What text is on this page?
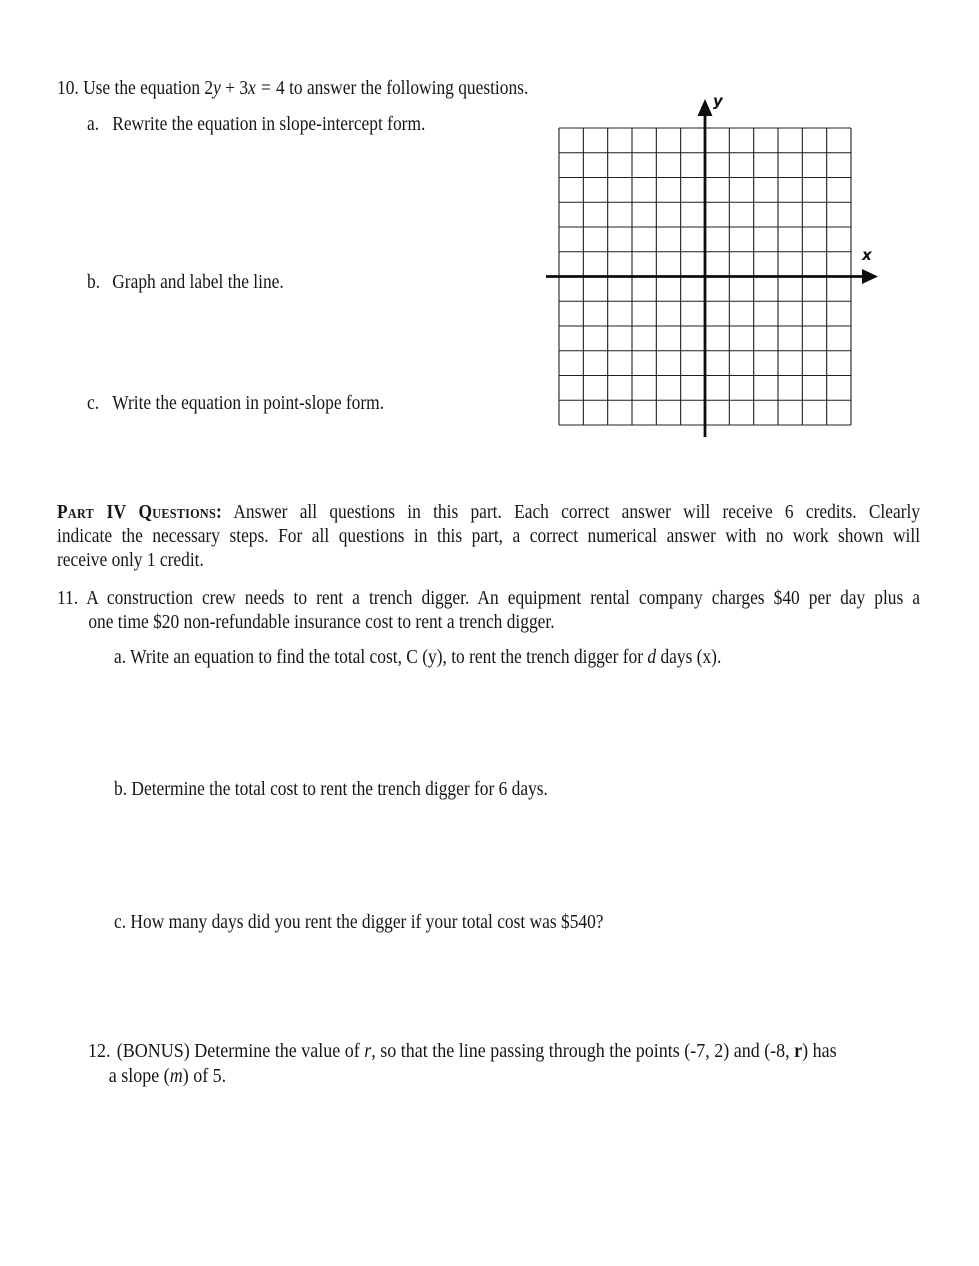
10. Use the equation 2y + 3x = 4 to answer the following questions.
a. Rewrite the equation in slope-intercept form.
b. Graph and label the line.
c. Write the equation in point-slope form.
y
x
Part IV Questions: Answer all questions in this part. Each correct answer will receive 6 credits. Clearly
indicate the necessary steps. For all questions in this part, a correct numerical answer with no work shown will
receive only 1 credit.
11. A construction crew needs to rent a trench digger. An equipment rental company charges $40 per day plus a
one time $20 non-refundable insurance cost to rent a trench digger.
a. Write an equation to find the total cost, C (y), to rent the trench digger for d days (x).
b. Determine the total cost to rent the trench digger for 6 days.
c. How many days did you rent the digger if your total cost was $540?
12. (BONUS) Determine the value of r, so that the line passing through the points (-7, 2) and (-8, r) has
a slope (m) of 5.
